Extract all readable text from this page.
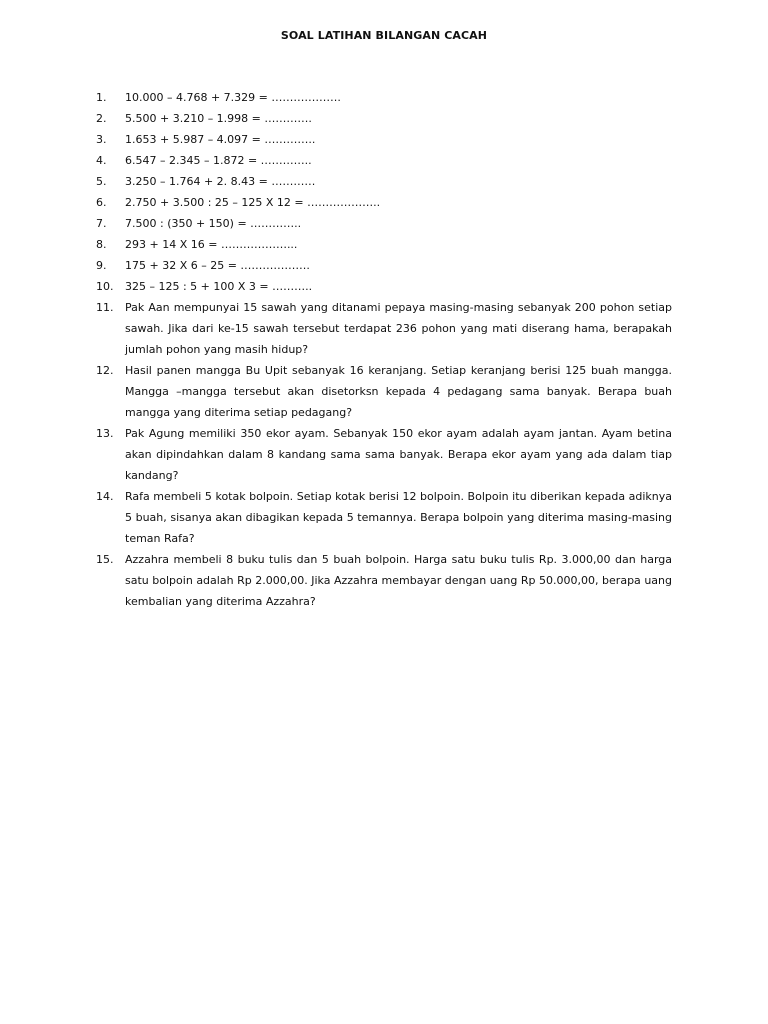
SOAL LATIHAN BILANGAN CACAH
1. 10.000 – 4.768 + 7.329 = ……………….
2. 5.500 + 3.210 – 1.998 = ………….
3. 1.653 + 5.987 – 4.097 = …………..
4. 6.547 – 2.345 – 1.872 = …………..
5. 3.250 – 1.764 + 2. 8.43 = …………
6. 2.750 + 3.500 : 25 – 125 X 12 = ………………..
7. 7.500 : (350 + 150) = …………..
8. 293 + 14 X 16 = ………………...
9. 175 + 32 X 6 – 25 = ……………….
10. 325 – 125 : 5 + 100 X 3 = ………..
11. Pak Aan mempunyai 15 sawah yang ditanami pepaya masing-masing sebanyak 200 pohon setiap sawah. Jika dari ke-15 sawah tersebut terdapat 236 pohon yang mati diserang hama, berapakah jumlah pohon yang masih hidup?
12. Hasil panen mangga Bu Upit sebanyak 16 keranjang. Setiap keranjang berisi 125 buah mangga. Mangga –mangga tersebut akan disetorksn kepada 4 pedagang sama banyak. Berapa buah mangga yang diterima setiap pedagang?
13. Pak Agung memiliki 350 ekor ayam. Sebanyak 150 ekor ayam adalah ayam jantan. Ayam betina akan dipindahkan dalam 8 kandang sama sama banyak. Berapa ekor ayam yang ada dalam tiap kandang?
14. Rafa membeli 5 kotak bolpoin. Setiap kotak berisi 12 bolpoin. Bolpoin itu diberikan kepada adiknya 5 buah, sisanya akan dibagikan kepada 5 temannya. Berapa bolpoin yang diterima masing-masing teman Rafa?
15. Azzahra membeli 8 buku tulis dan 5 buah bolpoin. Harga satu buku tulis Rp. 3.000,00 dan harga satu bolpoin adalah Rp 2.000,00. Jika Azzahra membayar dengan uang Rp 50.000,00, berapa uang kembalian yang diterima Azzahra?
